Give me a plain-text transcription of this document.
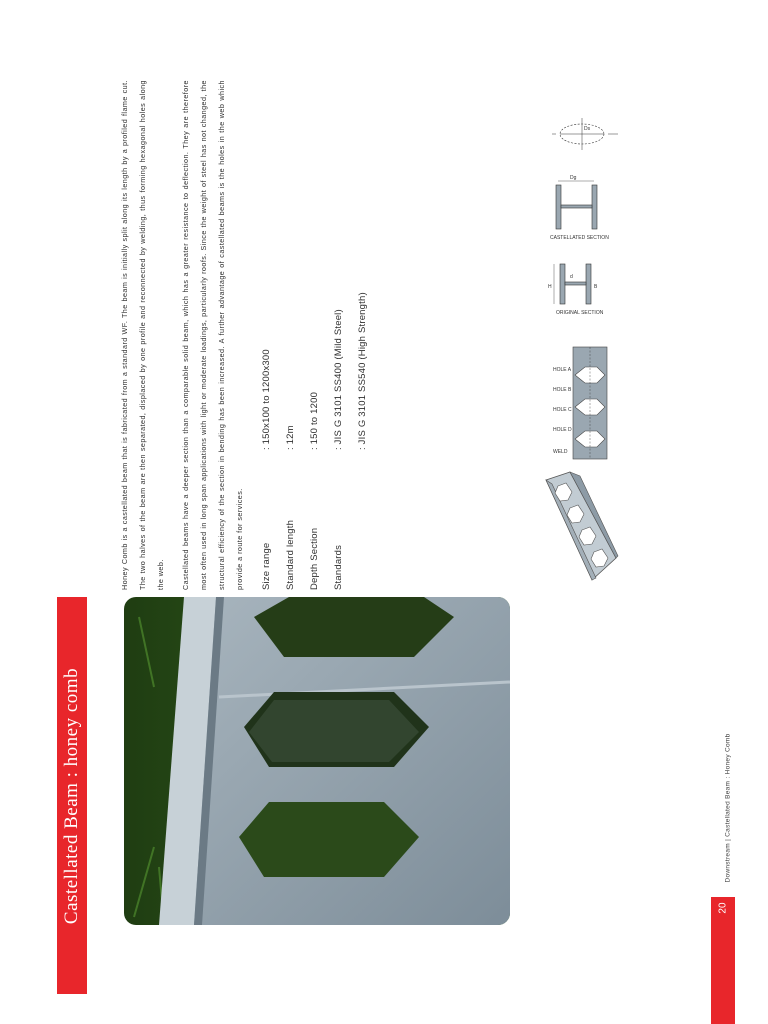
Castellated Beam : honey comb

Honey Comb is a castellated beam that is fabricated from a standard WF. The beam is initially split along its length by a profiled flame cut. The two halves of the beam are then separated, displaced by one profile and reconnected by welding, thus forming hexagonal holes along the web.	Castellated beams have a deeper section than a comparable solid beam, which has a greater resistance to deflection. They are therefore most often used in long span applications with light or moderate loadings, particularly roofs. Since the weight of steel has not changed, the structural efficiency of the section in bending has been increased. A further advantage of castellated beams is the holes in the web which provide a route for services.	Size range
: 150x100 to 1200x300
Standard length
: 12m
Depth Section
: 150 to 1200
Standards
: JIS G 3101 SS400 (Mild Steel)	: JIS G 3101 SS540 (High Strength)	HOLE A
HOLE B
HOLE C
HOLE D
WELD
H	B
d
ORIGINAL SECTION
Dg
CASTELLATED SECTION
Ds
20
Downstream | Castellated Beam : Honey Comb
